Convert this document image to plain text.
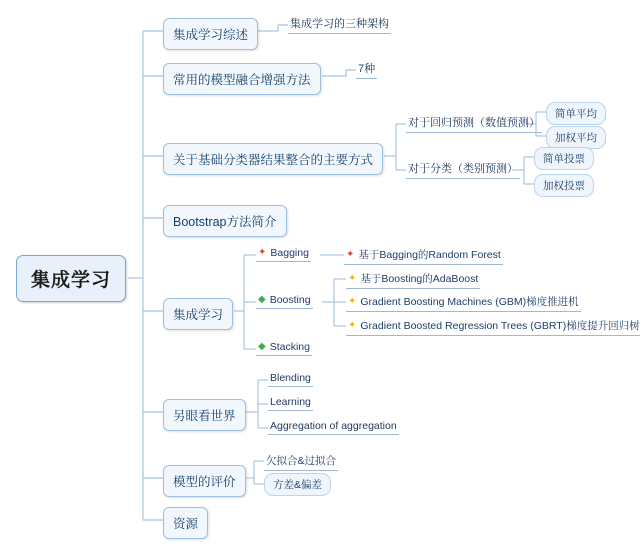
集成学习
集成学习综述
常用的模型融合增强方法
关于基础分类器结果整合的主要方式
Bootstrap方法简介
集成学习
另眼看世界
模型的评价
资源
集成学习的三种架构
7种
对于回归预测（数值预测）
对于分类（类别预测）
简单平均
加权平均
简单投票
加权投票
✦ Bagging
◆ Boosting
◆ Stacking
✦ 基于Bagging的Random Forest
✦ 基于Boosting的AdaBoost
✦ Gradient Boosting Machines (GBM)梯度推进机
✦ Gradient Boosted Regression Trees (GBRT)梯度提升回归树
Blending
Learning
Aggregation of aggregation
欠拟合&过拟合
方差&偏差
